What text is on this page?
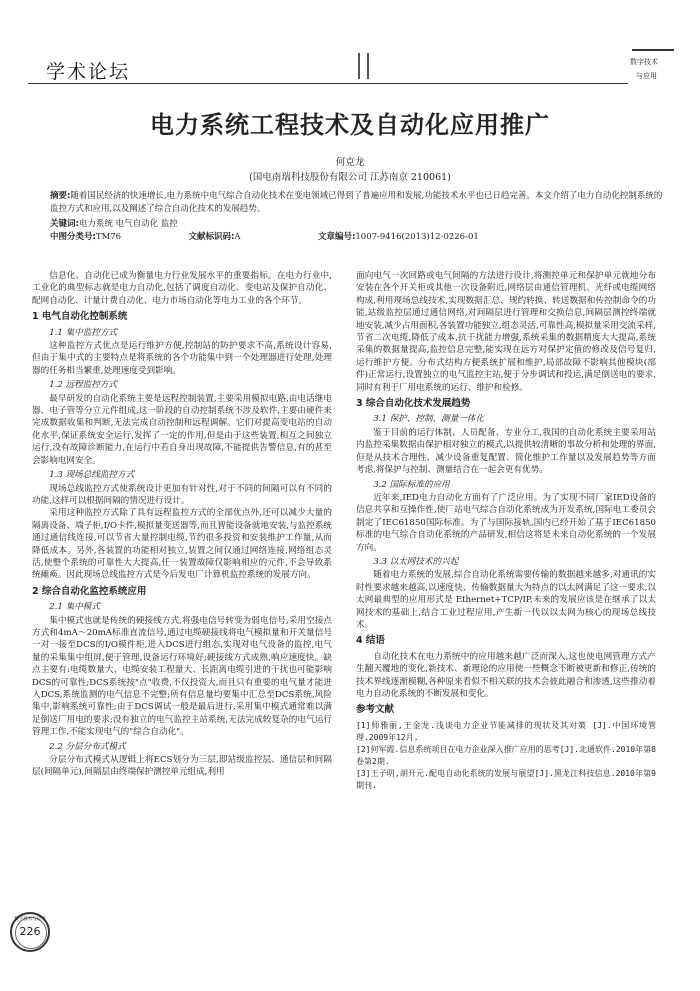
学术论坛	数字技术
与应用
电力系统工程技术及自动化应用推广
何克龙
(国电南瑞科技股份有限公司 江苏南京 210061)
摘要:随着国民经济的快速增长,电力系统中电气综合自动化技术在变电领域已得到了普遍应用和发展,功能技术水平也已日趋完善。本文介绍了电力自动化控制系统的监控方式和应用,以及阐述了综合自动化技术的发展趋势。
关键词:电力系统 电气自动化 监控
中图分类号:TM76	文献标识码:A	文章编号:1007-9416(2013)12-0226-01

信息化、自动化已成为衡量电力行业发展水平的重要指标。在电力行业中,工业化的典型标志就是电力自动化,包括了调度自动化、变电站及保护自动化、配网自动化、计量计费自动化、电力市场自动化等电力工业的各个环节。

1 电气自动化控制系统
1.1 集中监控方式

这种监控方式优点是运行维护方便,控制站的防护要求不高,系统设计容易,但由于集中式的主要特点是将系统的各个功能集中到一个处理器进行处理,处理器的任务相当繁重,处理速度受到影响。

1.2 远程监控方式

最早研发的自动化系统主要是远程控制装置,主要采用模拟电路,由电话继电器、电子管等分立元件组成,这一阶段的自动控制系统不涉及软件,主要由硬件来完成数据收集和判断,无法完成自动控制和远程调解。它们对提高变电站的自动化水平,保证系统安全运行,发挥了一定的作用,但是由于这些装置,相互之间独立运行,没有故障诊断能力,在运行中若自身出现故障,不能提供告警信息,有的甚至会影响电网安全。

1.3 现场总线监控方式

现场总线监控方式使系统设计更加有针对性,对于不同的间隔可以有不同的功能,这样可以根据间隔的情况进行设计。

采用这种监控方式除了具有远程监控方式的全部优点外,还可以减少大量的隔离设备、端子柜,I/O卡件,模拟量变送器等,而且智能设备就地安装,与监控系统通过通信线连接,可以节省大量控制电缆,节约很多投资和安装维护工作量,从而降低成本。另外,各装置的功能相对独立,装置之间仅通过网络连接,网络组态灵活,使整个系统的可靠性大大提高,任一装置故障仅影响相应的元件,不会导致系统瘫痪。因此现场总线监控方式是今后发电厂计算机监控系统的发展方向。

2 综合自动化监控系统应用
2.1 集中模式

集中模式也就是传统的硬接线方式,将强电信号转变为弱电信号,采用空接点方式和4mA～20mA标准直流信号,通过电缆硬接线将电气模拟量和开关量信号一对一接至DCS的I/O模件柜,进入DCS进行组态,实现对电气设备的监控,电气量的采集集中组屏,便于管理,设备运行环境好;硬接线方式成熟,响应速度快。缺点主要有:电缆数量大、电缆安装工程量大、长距离电缆引进的干扰也可能影响DCS的可靠性;DCS系统按"点"收费,不仅投资大,而且只有重要的电气量才能进入DCS,系统监测的电气信息不完整;所有信息量均要集中汇总至DCS系统,风险集中,影响系统可靠性;由于DCS调试一般是最后进行,采用集中模式通常难以满足倒送厂用电的要求;没有独立的电气监控主站系统,无法完成较复杂的电气运行管理工作,不能实现电气的"综合自动化"。

2.2 分层分布式模式

分层分布式模式从逻辑上将ECS划分为三层,即站级监控层、通信层和间隔层(间隔单元),间隔层由终端保护测控单元组成,利用

面向电气一次回路或电气间隔的方法进行设计,将测控单元和保护单元就地分布安装在各个开关柜或其他一次设备附近,网络层由通信管理机、光纤或电缆网络构成,利用现场总线技术,实现数据汇总、规约转换、转送数据和传控制命令的功能,站级监控层通过通信网络,对间隔层进行管理和交换信息,间隔层测控终端就地安装,减少占用面积,各装置功能独立,组态灵活,可靠性高,模拟量采用交流采样,节省二次电缆,降低了成本,抗干扰能力增强,系统采集的数据精度大大提高,系统采集的数据量提高,监控信息完整,能实现在远方对保护定值的修改及信号复归,运行维护方便。分布式结构方便系统扩展和维护,局部故障不影响其他模块(部件)正常运行,设置独立的电气监控主站,便于分步调试和投运,满足倒送电的要求,同时有利于厂用电系统的运行、维护和检修。

3 综合自动化技术发展趋势
3.1 保护、控制、测量一体化

鉴于目前的运行体制、人员配备、专业分工,我国的自动化系统主要采用站内监控采集数据由保护相对独立的模式,以提供较清晰的事故分析和处理的界面,但是从技术合理性、减少设备重复配置、简化维护工作量以及发展趋势等方面考虑,将保护与控制、测量结合在一起会更有优势。

3.2 国际标准的应用

近年来,IED电力自动化方面有了广泛应用。为了实现不同厂家IED设备的信息共享和互操作性,使厂站电气综合自动化系统成为开发系统,国际电工委员会制定了IEC61850国际标准。为了与国际接轨,国内已经开始了基于IEC61850标准的电气综合自动化系统的产品研发,相信这将是未来自动化系统的一个发展方向。

3.3 以太网技术的兴起

随着电力系统的发展,综合自动化系统需要传输的数据越来越多,对通讯的实时性要求越来越高,以速度快、传输数据量大为特点的以太网满足了这一要求,以太网最典型的应用形式是 Ethernet+TCP/IP,未来的发展应该是在继承了以太网技术的基础上,结合工业过程应用,产生新一代以以太网为核心的现场总线技术。

4 结语

自动化技术在电力系统中的应用越来越广泛而深入,这也使电网管理方式产生翻天覆地的变化,新技术、新理论的应用使一些概念不断被更新和修正,传统的技术界线逐渐模糊,各种原来看似不相关联的技术会彼此融合和渗透,这些推动着电力自动化系统的不断发展和变化。

参考文献

[1]师雅丽,王金龙.浅谈电力企业节能减排的现状及其对策 [J].中国环境管理.2009年12月.

[2]何军霞.信息系统项目在电力企业深入推广应用的思考[J].北通软件.2010年第8卷第2期.

[3]王子明,胡开元.配电自动化系统的发展与展望[J].黑龙江科技信息.2010年第9期刊.

数字技术与应用
226
